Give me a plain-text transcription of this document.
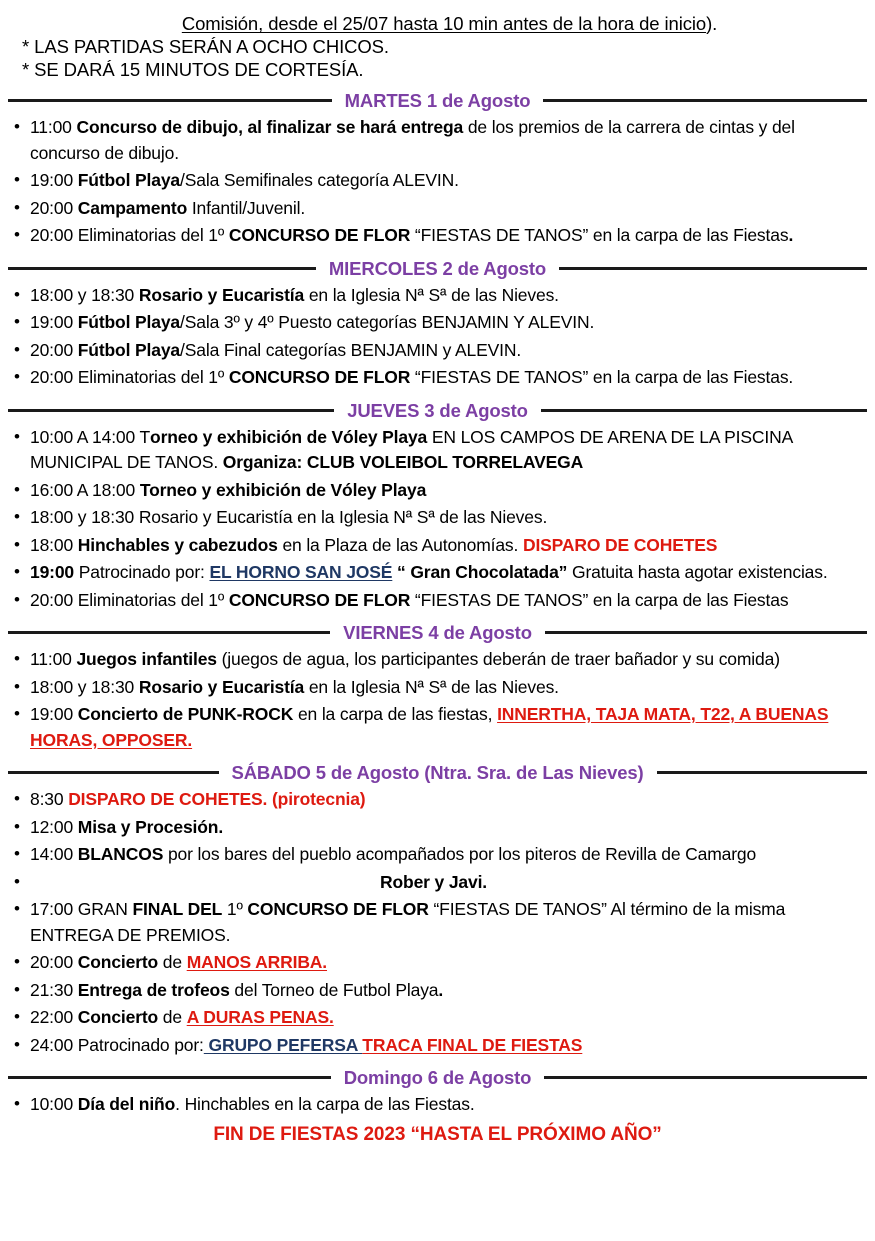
Comisión, desde el 25/07 hasta 10 min antes de la hora de inicio).
* LAS PARTIDAS SERÁN A OCHO CHICOS.
* SE DARÁ 15 MINUTOS DE CORTESÍA.
MARTES 1 de Agosto
• 11:00 Concurso de dibujo, al finalizar se hará entrega de los premios de la carrera de cintas y del concurso de dibujo.
• 19:00 Fútbol Playa/Sala Semifinales categoría ALEVIN.
• 20:00 Campamento Infantil/Juvenil.
• 20:00 Eliminatorias del 1º CONCURSO DE FLOR “FIESTAS DE TANOS” en la carpa de las Fiestas.
MIERCOLES 2 de Agosto
• 18:00 y 18:30 Rosario y Eucaristía en la Iglesia Nª Sª de las Nieves.
• 19:00 Fútbol Playa/Sala 3º y 4º Puesto categorías BENJAMIN Y ALEVIN.
• 20:00 Fútbol Playa/Sala Final categorías BENJAMIN y ALEVIN.
• 20:00 Eliminatorias del 1º CONCURSO DE FLOR “FIESTAS DE TANOS” en la carpa de las Fiestas.
JUEVES 3 de Agosto
• 10:00 A 14:00 Torneo y exhibición de Vóley Playa EN LOS CAMPOS DE ARENA DE LA PISCINA MUNICIPAL DE TANOS. Organiza: CLUB VOLEIBOL TORRELAVEGA
• 16:00 A 18:00 Torneo y exhibición de Vóley Playa
• 18:00 y 18:30 Rosario y Eucaristía en la Iglesia Nª Sª de las Nieves.
• 18:00 Hinchables y cabezudos en la Plaza de las Autonomías. DISPARO DE COHETES
• 19:00 Patrocinado por: EL HORNO SAN JOSÉ “ Gran Chocolatada” Gratuita hasta agotar existencias.
• 20:00 Eliminatorias del 1º CONCURSO DE FLOR “FIESTAS DE TANOS” en la carpa de las Fiestas
VIERNES 4 de Agosto
• 11:00 Juegos infantiles (juegos de agua, los participantes deberán de traer bañador y su comida)
• 18:00 y 18:30 Rosario y Eucaristía en la Iglesia Nª Sª de las Nieves.
• 19:00 Concierto de PUNK-ROCK en la carpa de las fiestas, INNERTHA, TAJA MATA, T22, A BUENAS HORAS, OPPOSER.
SÁBADO 5 de Agosto (Ntra. Sra. de Las Nieves)
• 8:30 DISPARO DE COHETES. (pirotecnia)
• 12:00 Misa y Procesión.
• 14:00 BLANCOS por los bares del pueblo acompañados por los piteros de Revilla de Camargo
• Rober y Javi.
• 17:00 GRAN FINAL DEL 1º CONCURSO DE FLOR “FIESTAS DE TANOS” Al término de la misma ENTREGA DE PREMIOS.
• 20:00 Concierto de MANOS ARRIBA.
• 21:30 Entrega de trofeos del Torneo de Futbol Playa.
• 22:00 Concierto de A DURAS PENAS.
• 24:00 Patrocinado por: GRUPO PEFERSA TRACA FINAL DE FIESTAS
Domingo 6 de Agosto
• 10:00 Día del niño. Hinchables en la carpa de las Fiestas.
FIN DE FIESTAS 2023 “HASTA EL PRÓXIMO AÑO”
